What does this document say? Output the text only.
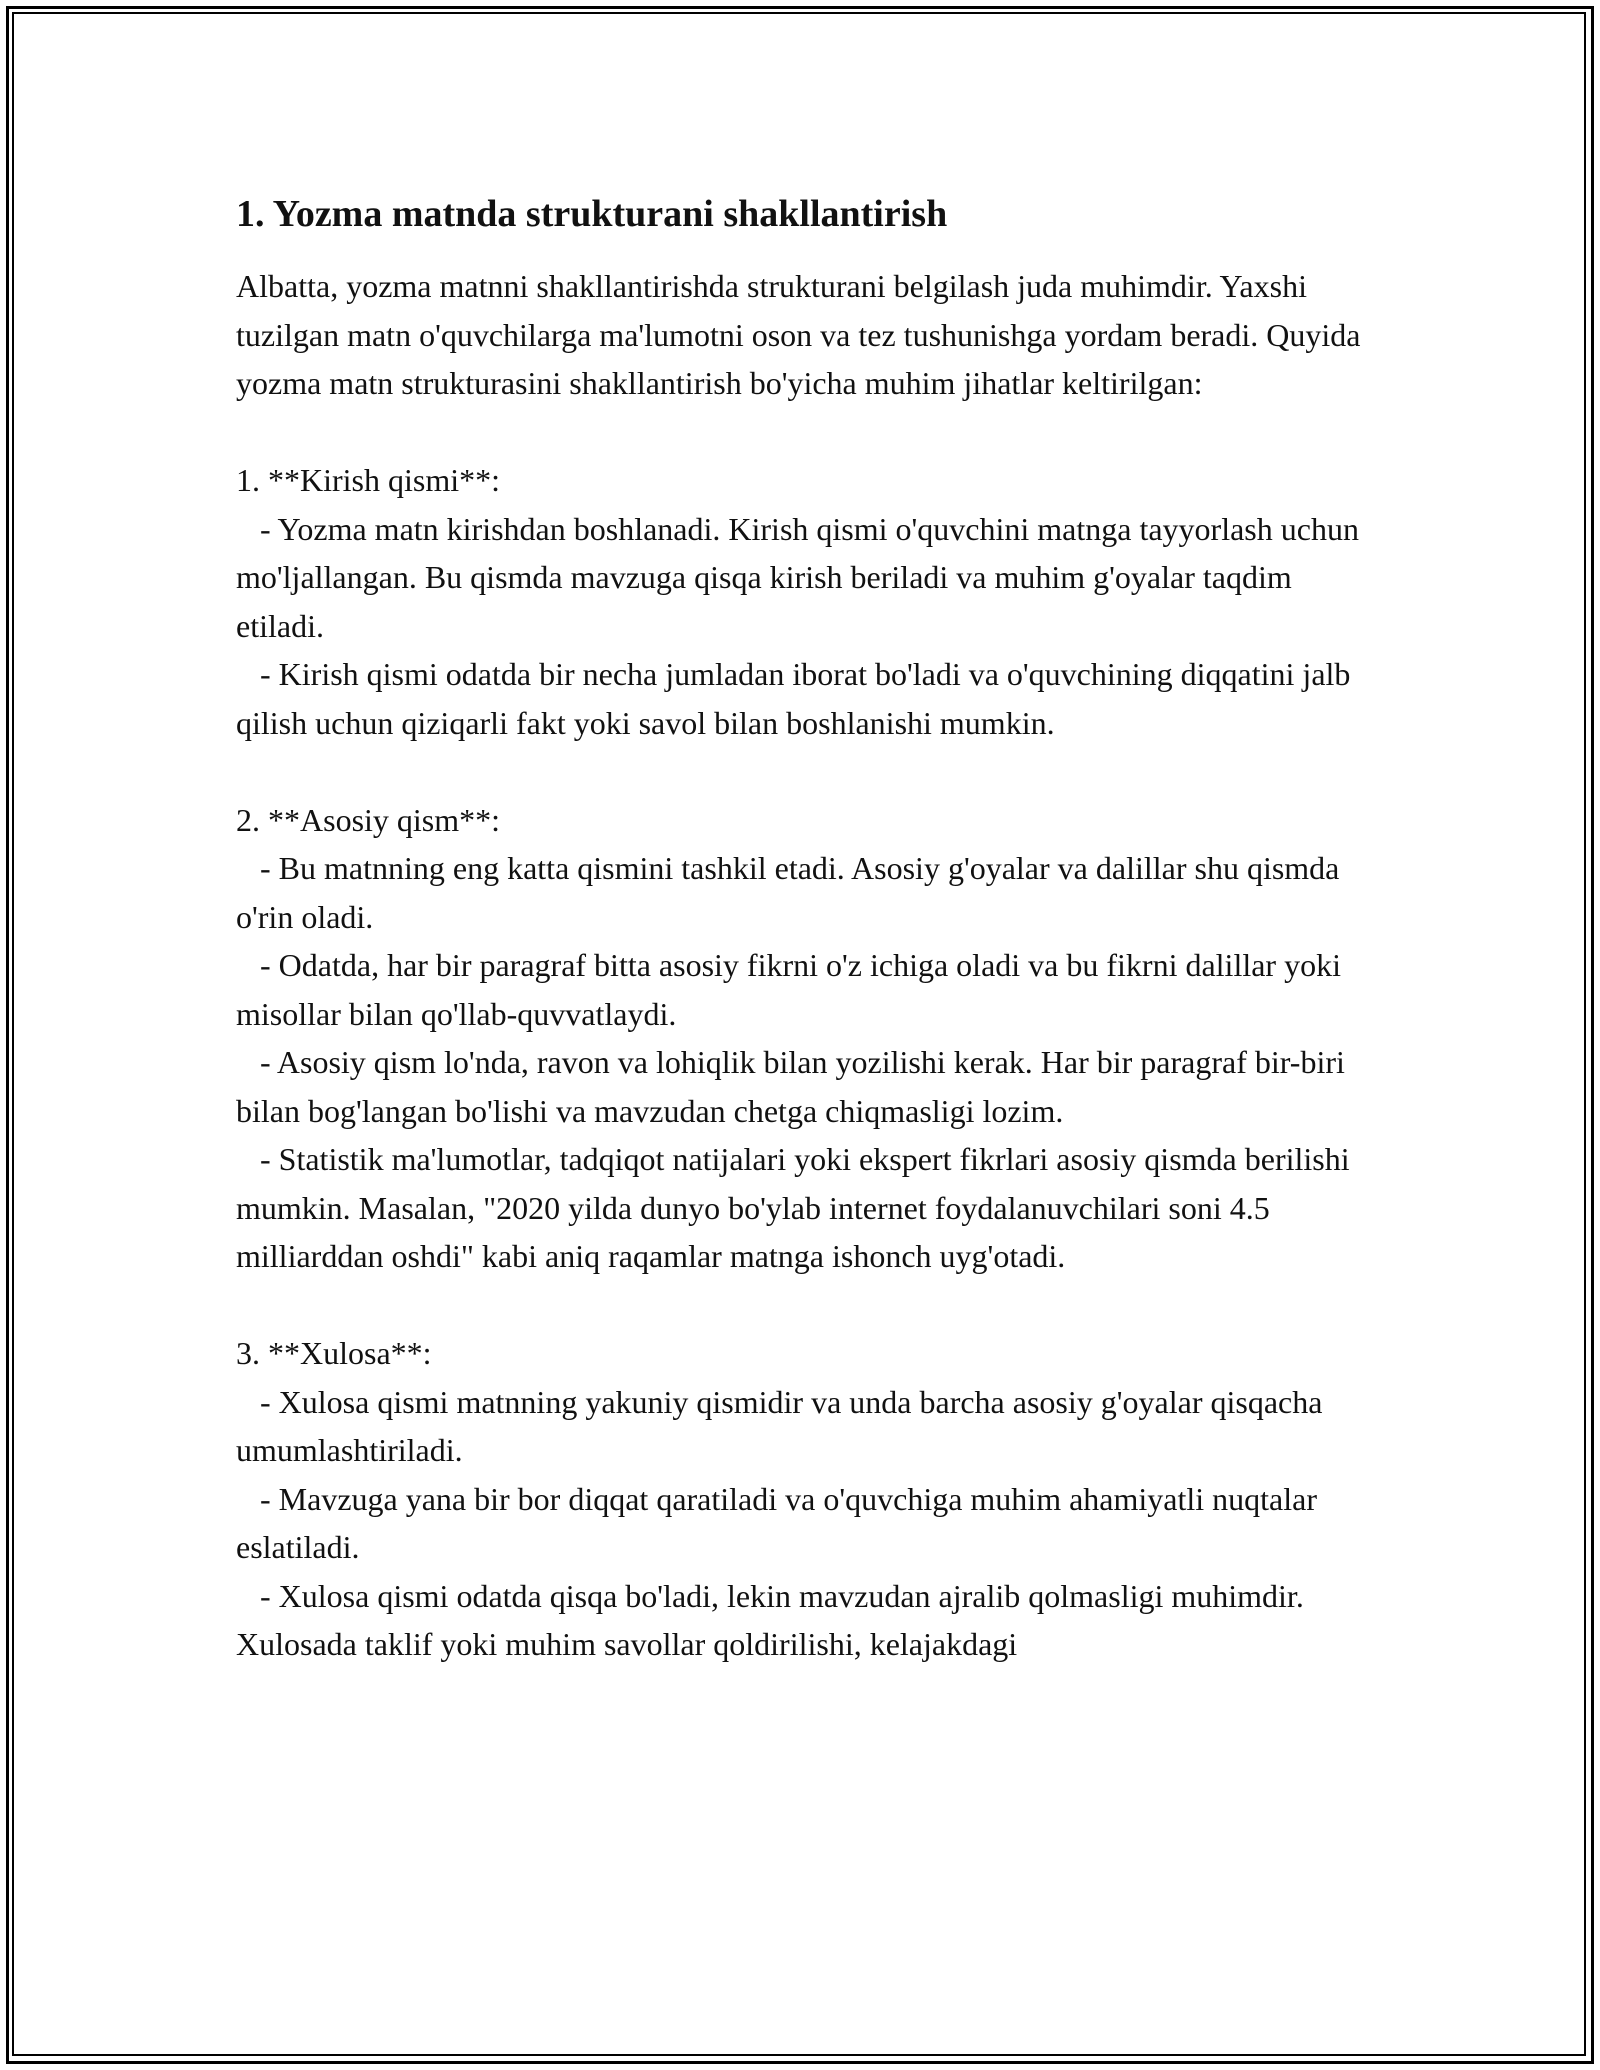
1. Yozma matnda strukturani shakllantirish

Albatta, yozma matnni shakllantirishda strukturani belgilash juda muhimdir. Yaxshi tuzilgan matn o'quvchilarga ma'lumotni oson va tez tushunishga yordam beradi. Quyida yozma matn strukturasini shakllantirish bo'yicha muhim jihatlar keltirilgan:

1. **Kirish qismi**:

- Yozma matn kirishdan boshlanadi. Kirish qismi o'quvchini matnga tayyorlash uchun mo'ljallangan. Bu qismda mavzuga qisqa kirish beriladi va muhim g'oyalar taqdim etiladi.

- Kirish qismi odatda bir necha jumladan iborat bo'ladi va o'quvchining diqqatini jalb qilish uchun qiziqarli fakt yoki savol bilan boshlanishi mumkin.

2. **Asosiy qism**:

- Bu matnning eng katta qismini tashkil etadi. Asosiy g'oyalar va dalillar shu qismda o'rin oladi.

- Odatda, har bir paragraf bitta asosiy fikrni o'z ichiga oladi va bu fikrni dalillar yoki misollar bilan qo'llab-quvvatlaydi.

- Asosiy qism lo'nda, ravon va lohiqlik bilan yozilishi kerak. Har bir paragraf bir-biri bilan bog'langan bo'lishi va mavzudan chetga chiqmasligi lozim.

- Statistik ma'lumotlar, tadqiqot natijalari yoki ekspert fikrlari asosiy qismda berilishi mumkin. Masalan, "2020 yilda dunyo bo'ylab internet foydalanuvchilari soni 4.5 milliarddan oshdi" kabi aniq raqamlar matnga ishonch uyg'otadi.

3. **Xulosa**:

- Xulosa qismi matnning yakuniy qismidir va unda barcha asosiy g'oyalar qisqacha umumlashtiriladi.

- Mavzuga yana bir bor diqqat qaratiladi va o'quvchiga muhim ahamiyatli nuqtalar eslatiladi.

- Xulosa qismi odatda qisqa bo'ladi, lekin mavzudan ajralib qolmasligi muhimdir. Xulosada taklif yoki muhim savollar qoldirilishi, kelajakdagi
